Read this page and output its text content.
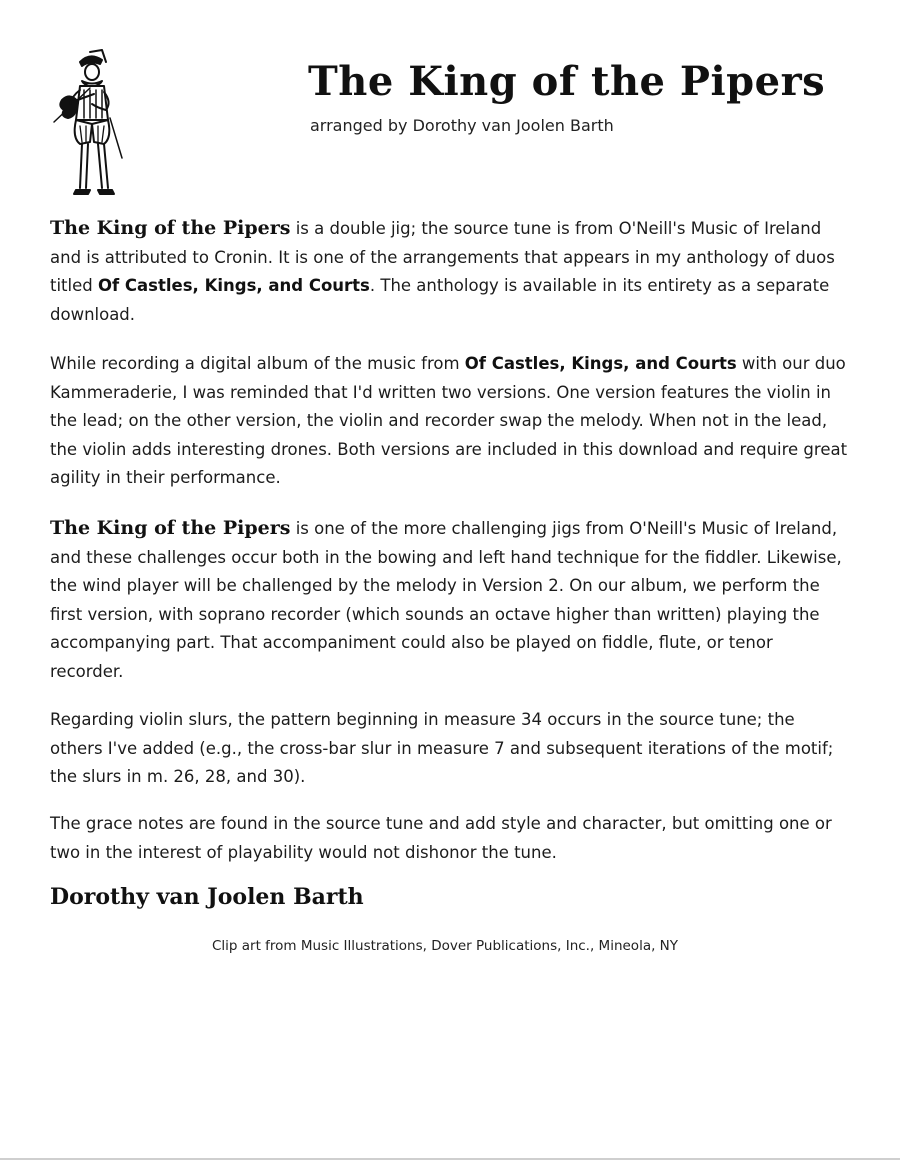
The King of the Pipers
arranged by Dorothy van Joolen Barth

The King of the Pipers is a double jig; the source tune is from O'Neill's Music of Ireland and is attributed to Cronin. It is one of the arrangements that appears in my anthology of duos titled Of Castles, Kings, and Courts. The anthology is available in its entirety as a separate download.

While recording a digital album of the music from Of Castles, Kings, and Courts with our duo Kammeraderie, I was reminded that I'd written two versions. One version features the violin in the lead; on the other version, the violin and recorder swap the melody. When not in the lead, the violin adds interesting drones. Both versions are included in this download and require great agility in their performance.

The King of the Pipers is one of the more challenging jigs from O'Neill's Music of Ireland, and these challenges occur both in the bowing and left hand technique for the fiddler. Likewise, the wind player will be challenged by the melody in Version 2. On our album, we perform the first version, with soprano recorder (which sounds an octave higher than written) playing the accompanying part. That accompaniment could also be played on fiddle, flute, or tenor recorder.

Regarding violin slurs, the pattern beginning in measure 34 occurs in the source tune; the others I've added (e.g., the cross-bar slur in measure 7 and subsequent iterations of the motif; the slurs in m. 26, 28, and 30).

The grace notes are found in the source tune and add style and character, but omitting one or two in the interest of playability would not dishonor the tune.

Dorothy van Joolen Barth
Clip art from Music Illustrations, Dover Publications, Inc., Mineola, NY
